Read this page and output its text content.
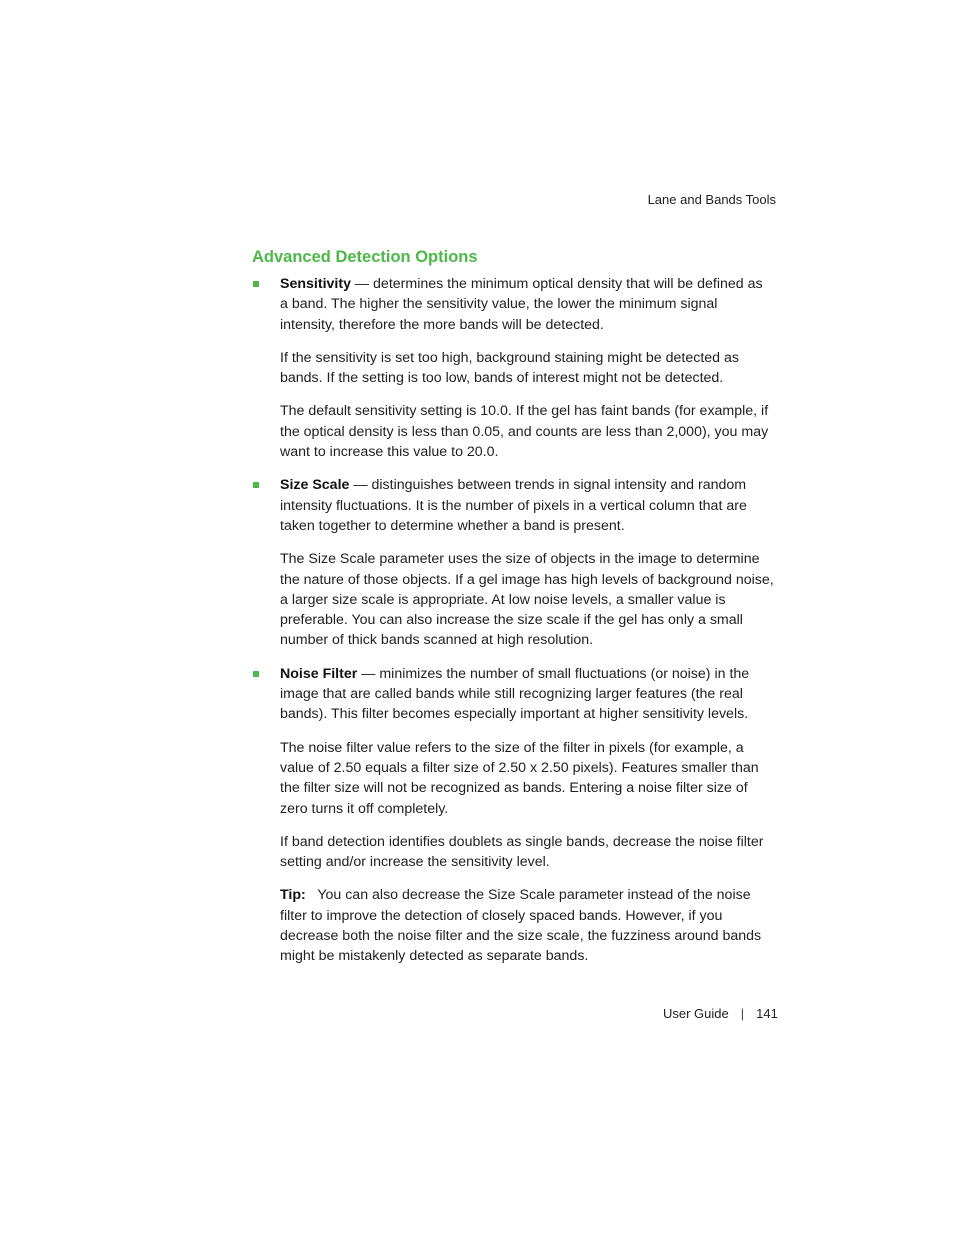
Lane and Bands Tools
Advanced Detection Options

Sensitivity — determines the minimum optical density that will be defined as a band. The higher the sensitivity value, the lower the minimum signal intensity, therefore the more bands will be detected.

If the sensitivity is set too high, background staining might be detected as bands. If the setting is too low, bands of interest might not be detected.

The default sensitivity setting is 10.0. If the gel has faint bands (for example, if the optical density is less than 0.05, and counts are less than 2,000), you may want to increase this value to 20.0.

Size Scale — distinguishes between trends in signal intensity and random intensity fluctuations. It is the number of pixels in a vertical column that are taken together to determine whether a band is present.

The Size Scale parameter uses the size of objects in the image to determine the nature of those objects. If a gel image has high levels of background noise, a larger size scale is appropriate. At low noise levels, a smaller value is preferable. You can also increase the size scale if the gel has only a small number of thick bands scanned at high resolution.

Noise Filter — minimizes the number of small fluctuations (or noise) in the image that are called bands while still recognizing larger features (the real bands). This filter becomes especially important at higher sensitivity levels.

The noise filter value refers to the size of the filter in pixels (for example, a value of 2.50 equals a filter size of 2.50 x 2.50 pixels). Features smaller than the filter size will not be recognized as bands. Entering a noise filter size of zero turns it off completely.

If band detection identifies doublets as single bands, decrease the noise filter setting and/or increase the sensitivity level.

Tip: You can also decrease the Size Scale parameter instead of the noise filter to improve the detection of closely spaced bands. However, if you decrease both the noise filter and the size scale, the fuzziness around bands might be mistakenly detected as separate bands.

User Guide | 141
